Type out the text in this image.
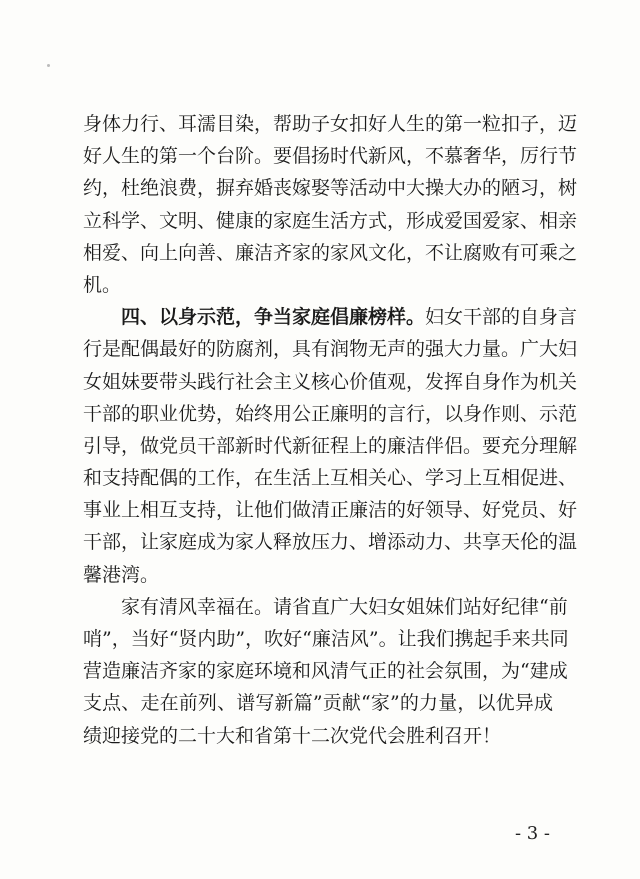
身体力行、耳濡目染，帮助子女扣好人生的第一粒扣子，迈
好人生的第一个台阶。要倡扬时代新风，不慕奢华，厉行节
约，杜绝浪费，摒弃婚丧嫁娶等活动中大操大办的陋习，树
立科学、文明、健康的家庭生活方式，形成爱国爱家、相亲
相爱、向上向善、廉洁齐家的家风文化，不让腐败有可乘之
机。
四、以身示范，争当家庭倡廉榜样。妇女干部的自身言
行是配偶最好的防腐剂，具有润物无声的强大力量。广大妇
女姐妹要带头践行社会主义核心价值观，发挥自身作为机关
干部的职业优势，始终用公正廉明的言行，以身作则、示范
引导，做党员干部新时代新征程上的廉洁伴侣。要充分理解
和支持配偶的工作，在生活上互相关心、学习上互相促进、
事业上相互支持，让他们做清正廉洁的好领导、好党员、好
干部，让家庭成为家人释放压力、增添动力、共享天伦的温
馨港湾。
家有清风幸福在。请省直广大妇女姐妹们站好纪律“前
哨”，当好“贤内助”，吹好“廉洁风”。让我们携起手来共同
营造廉洁齐家的家庭环境和风清气正的社会氛围，为“建成
支点、走在前列、谱写新篇”贡献“家”的力量，以优异成
绩迎接党的二十大和省第十二次党代会胜利召开！
- 3 -
